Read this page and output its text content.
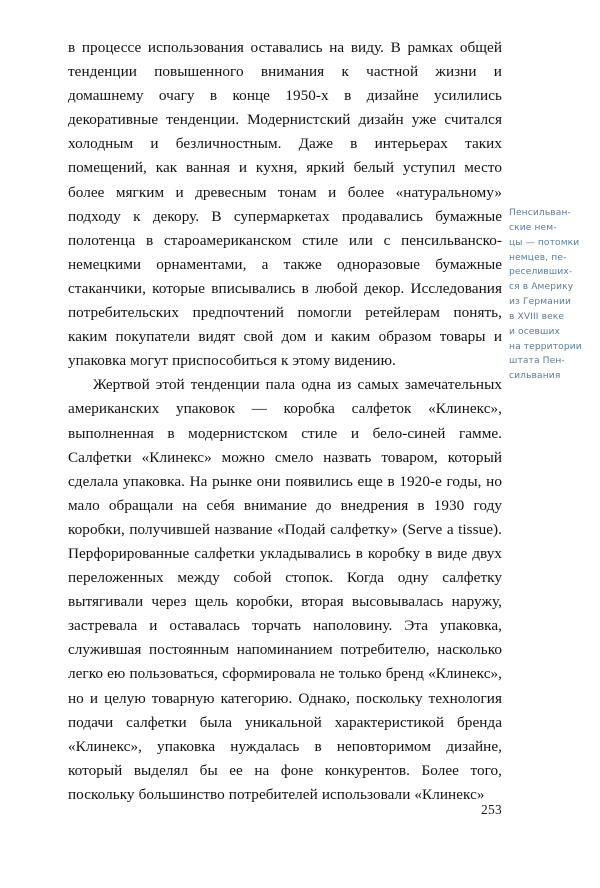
в процессе использования оставались на виду. В рамках общей тенденции повышенного внимания к частной жизни и домашнему очагу в конце 1950-х в дизайне усилились декоративные тенденции. Модернистский дизайн уже считался холодным и безличностным. Даже в интерьерах таких помещений, как ванная и кухня, яркий белый уступил место более мягким и древесным тонам и более «натуральному» подходу к декору. В супермаркетах продавались бумажные полотенца в староамериканском стиле или с пенсильванско-немецкими орнаментами, а также одноразовые бумажные стаканчики, которые вписывались в любой декор. Исследования потребительских предпочтений помогли ретейлерам понять, каким покупатели видят свой дом и каким образом товары и упаковка могут приспособиться к этому видению.

Жертвой этой тенденции пала одна из самых замечательных американских упаковок — коробка салфеток «Клинекс», выполненная в модернистском стиле и бело-синей гамме. Салфетки «Клинекс» можно смело назвать товаром, который сделала упаковка. На рынке они появились еще в 1920-е годы, но мало обращали на себя внимание до внедрения в 1930 году коробки, получившей название «Подай салфетку» (Serve a tissue). Перфорированные салфетки укладывались в коробку в виде двух переложенных между собой стопок. Когда одну салфетку вытягивали через щель коробки, вторая высовывалась наружу, застревала и оставалась торчать наполовину. Эта упаковка, служившая постоянным напоминанием потребителю, насколько легко ею пользоваться, сформировала не только бренд «Клинекс», но и целую товарную категорию. Однако, поскольку технология подачи салфетки была уникальной характеристикой бренда «Клинекс», упаковка нуждалась в неповторимом дизайне, который выделял бы ее на фоне конкурентов. Более того, поскольку большинство потребителей использовали «Клинекс»

Пенсильван-
ские нем-
цы — потомки
немцев, пе-
реселивших-
ся в Америку
из Германии
в XVIII веке
и осевших
на территории
штата Пен-
сильвания
253
